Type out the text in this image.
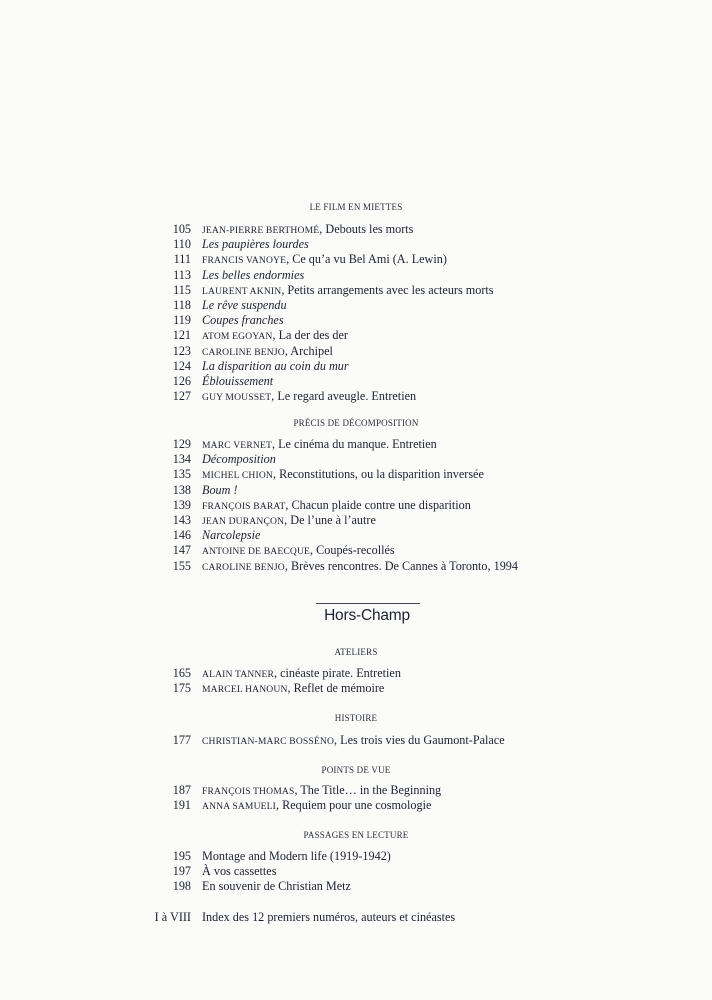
LE FILM EN MIETTES
105	JEAN-PIERRE BERTHOMÉ, Debouts les morts
110 Les paupières lourdes
111	FRANCIS VANOYE, Ce qu’a vu Bel Ami (A. Lewin)
113 Les belles endormies
115	LAURENT AKNIN, Petits arrangements avec les acteurs morts
118 Le rêve suspendu
119 Coupes franches
121	ATOM EGOYAN, La der des der
123	CAROLINE BENJO, Archipel
124 La disparition au coin du mur
126 Éblouissement
127	GUY MOUSSET, Le regard aveugle. Entretien
PRÉCIS DE DÉCOMPOSITION
129	MARC VERNET, Le cinéma du manque. Entretien
134 Décomposition
135	MICHEL CHION, Reconstitutions, ou la disparition inversée
138 Boum !
139	FRANÇOIS BARAT, Chacun plaide contre une disparition
143	JEAN DURANÇON, De l’une à l’autre
146 Narcolepsie
147	ANTOINE DE BAECQUE, Coupés-recollés
155	CAROLINE BENJO, Brèves rencontres. De Cannes à Toronto, 1994
Hors-Champ
ATELIERS
165	ALAIN TANNER, cinéaste pirate. Entretien
175	MARCEL HANOUN, Reflet de mémoire
HISTOIRE
177	CHRISTIAN-MARC BOSSÉNO, Les trois vies du Gaumont-Palace
POINTS DE VUE
187	FRANÇOIS THOMAS, The Title… in the Beginning
191	ANNA SAMUELI, Requiem pour une cosmologie
PASSAGES EN LECTURE
195 Montage and Modern life (1919-1942)
197 À vos cassettes
198 En souvenir de Christian Metz
I à VIII Index des 12 premiers numéros, auteurs et cinéastes
